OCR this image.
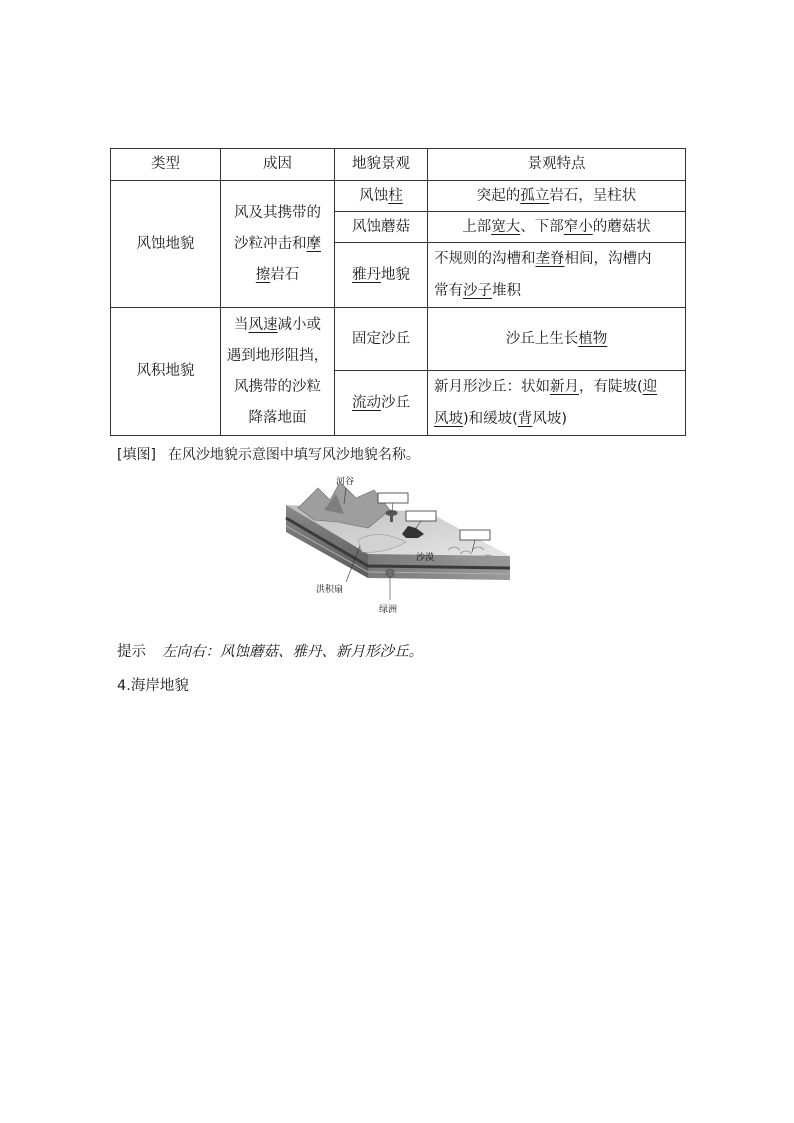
类型	成因	地貌景观	景观特点
风蚀地貌	风及其携带的
沙粒冲击和摩
擦岩石	风蚀柱	突起的孤立岩石，呈柱状
		风蚀蘑菇	上部宽大、下部窄小的蘑菇状
		雅丹地貌	不规则的沟槽和垄脊相间，沟槽内
常有沙子堆积
风积地貌	当风速减小或
遇到地形阻挡，
风携带的沙粒
降落地面	固定沙丘	沙丘上生长植物
		流动沙丘	新月形沙丘：状如新月，有陡坡(迎
风坡)和缓坡(背风坡)
[填图] 在风沙地貌示意图中填写风沙地貌名称。
河谷
沙漠
洪积扇
绿洲
提示 左向右：风蚀蘑菇、雅丹、新月形沙丘。
4.海岸地貌
